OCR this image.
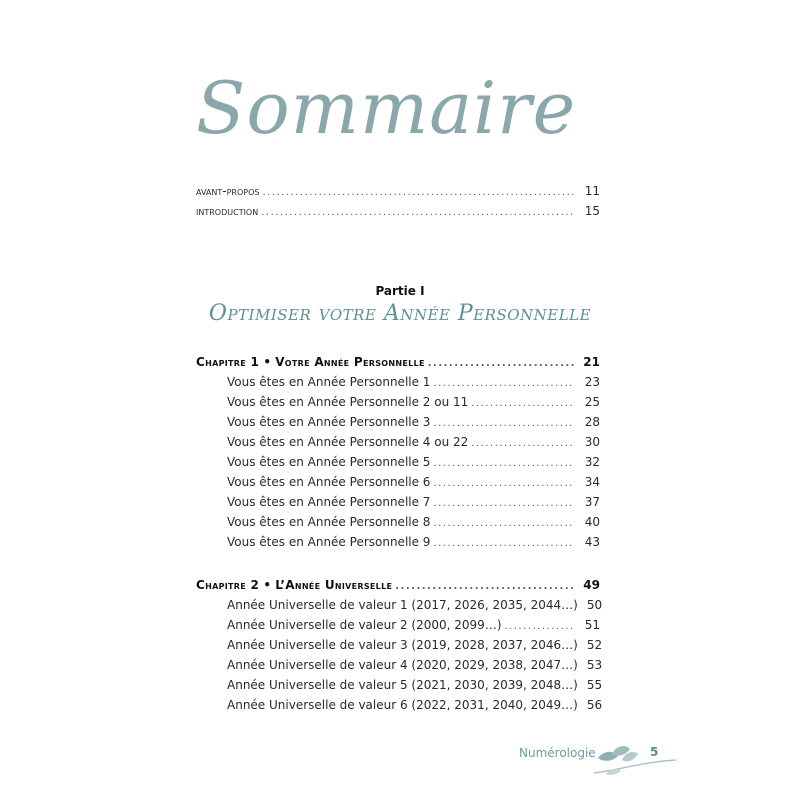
Sommaire
avant-propos .....	11
introduction .....	15
Partie I
Optimiser votre Année Personnelle
Chapitre 1 • Votre Année Personnelle .....	21
Vous êtes en Année Personnelle 1 .....	23
Vous êtes en Année Personnelle 2 ou 11 .....	25
Vous êtes en Année Personnelle 3 .....	28
Vous êtes en Année Personnelle 4 ou 22 .....	30
Vous êtes en Année Personnelle 5 .....	32
Vous êtes en Année Personnelle 6 .....	34
Vous êtes en Année Personnelle 7 .....	37
Vous êtes en Année Personnelle 8 .....	40
Vous êtes en Année Personnelle 9 .....	43
Chapitre 2 • L’Année Universelle .....	49
Année Universelle de valeur 1 (2017, 2026, 2035, 2044…) 50
Année Universelle de valeur 2 (2000, 2099…) .....	51
Année Universelle de valeur 3 (2019, 2028, 2037, 2046…) 52
Année Universelle de valeur 4 (2020, 2029, 2038, 2047…) 53
Année Universelle de valeur 5 (2021, 2030, 2039, 2048…) 55
Année Universelle de valeur 6 (2022, 2031, 2040, 2049…) 56
Numérologie	5
